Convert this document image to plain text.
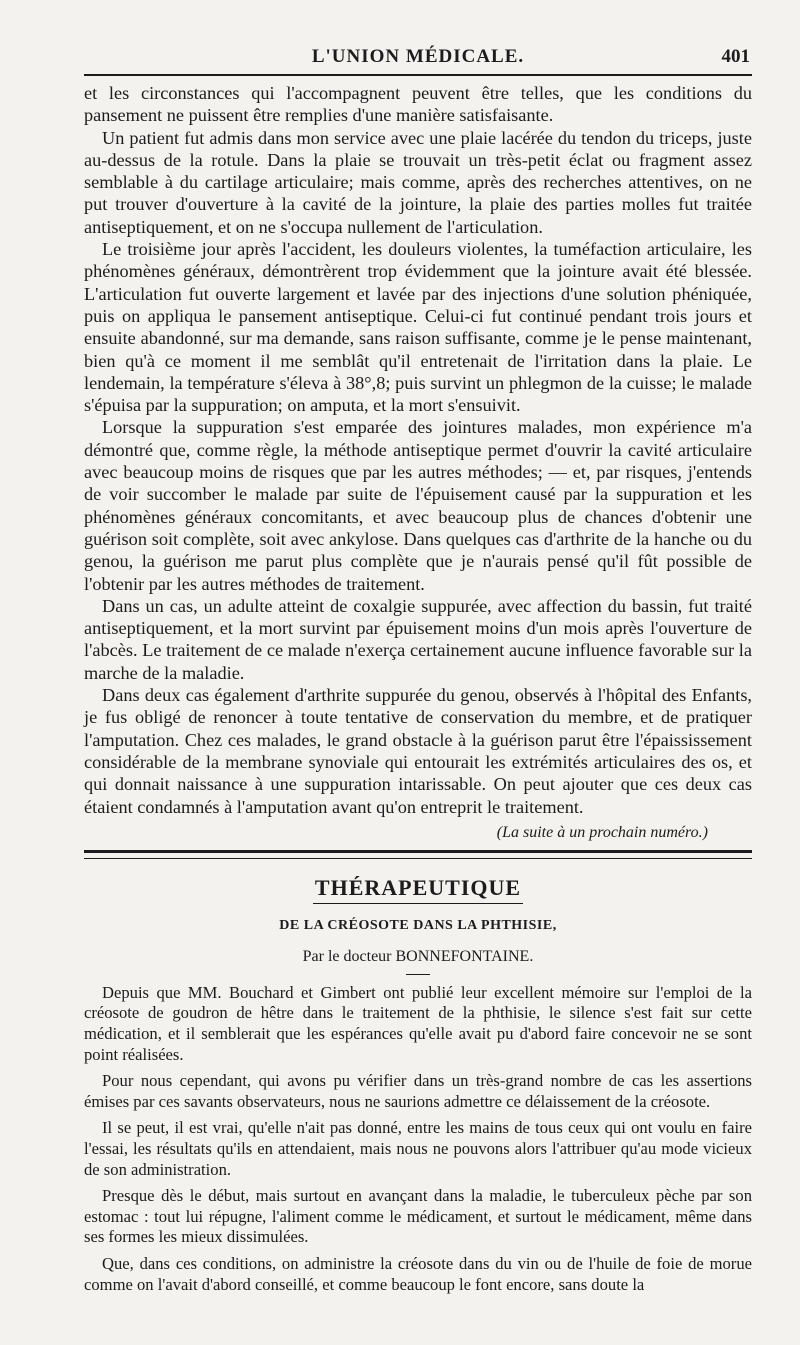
L'UNION MÉDICALE.	401

et les circonstances qui l'accompagnent peuvent être telles, que les conditions du pansement ne puissent être remplies d'une manière satisfaisante.

Un patient fut admis dans mon service avec une plaie lacérée du tendon du triceps, juste au-dessus de la rotule. Dans la plaie se trouvait un très-petit éclat ou fragment assez semblable à du cartilage articulaire; mais comme, après des recherches attentives, on ne put trouver d'ouverture à la cavité de la jointure, la plaie des parties molles fut traitée antiseptiquement, et on ne s'occupa nullement de l'articulation.

Le troisième jour après l'accident, les douleurs violentes, la tuméfaction articulaire, les phénomènes généraux, démontrèrent trop évidemment que la jointure avait été blessée. L'articulation fut ouverte largement et lavée par des injections d'une solution phéniquée, puis on appliqua le pansement antiseptique. Celui-ci fut continué pendant trois jours et ensuite abandonné, sur ma demande, sans raison suffisante, comme je le pense maintenant, bien qu'à ce moment il me semblât qu'il entretenait de l'irritation dans la plaie. Le lendemain, la température s'éleva à 38°,8; puis survint un phlegmon de la cuisse; le malade s'épuisa par la suppuration; on amputa, et la mort s'ensuivit.

Lorsque la suppuration s'est emparée des jointures malades, mon expérience m'a démontré que, comme règle, la méthode antiseptique permet d'ouvrir la cavité articulaire avec beaucoup moins de risques que par les autres méthodes; — et, par risques, j'entends de voir succomber le malade par suite de l'épuisement causé par la suppuration et les phénomènes généraux concomitants, et avec beaucoup plus de chances d'obtenir une guérison soit complète, soit avec ankylose. Dans quelques cas d'arthrite de la hanche ou du genou, la guérison me parut plus complète que je n'aurais pensé qu'il fût possible de l'obtenir par les autres méthodes de traitement.

Dans un cas, un adulte atteint de coxalgie suppurée, avec affection du bassin, fut traité antiseptiquement, et la mort survint par épuisement moins d'un mois après l'ouverture de l'abcès. Le traitement de ce malade n'exerça certainement aucune influence favorable sur la marche de la maladie.

Dans deux cas également d'arthrite suppurée du genou, observés à l'hôpital des Enfants, je fus obligé de renoncer à toute tentative de conservation du membre, et de pratiquer l'amputation. Chez ces malades, le grand obstacle à la guérison parut être l'épaississement considérable de la membrane synoviale qui entourait les extrémités articulaires des os, et qui donnait naissance à une suppuration intarissable. On peut ajouter que ces deux cas étaient condamnés à l'amputation avant qu'on entreprit le traitement.

(La suite à un prochain numéro.)
THÉRAPEUTIQUE
DE LA CRÉOSOTE DANS LA PHTHISIE,
Par le docteur BONNEFONTAINE.

Depuis que MM. Bouchard et Gimbert ont publié leur excellent mémoire sur l'emploi de la créosote de goudron de hêtre dans le traitement de la phthisie, le silence s'est fait sur cette médication, et il semblerait que les espérances qu'elle avait pu d'abord faire concevoir ne se sont point réalisées.

Pour nous cependant, qui avons pu vérifier dans un très-grand nombre de cas les assertions émises par ces savants observateurs, nous ne saurions admettre ce délaissement de la créosote.

Il se peut, il est vrai, qu'elle n'ait pas donné, entre les mains de tous ceux qui ont voulu en faire l'essai, les résultats qu'ils en attendaient, mais nous ne pouvons alors l'attribuer qu'au mode vicieux de son administration.

Presque dès le début, mais surtout en avançant dans la maladie, le tuberculeux pèche par son estomac : tout lui répugne, l'aliment comme le médicament, et surtout le médicament, même dans ses formes les mieux dissimulées.

Que, dans ces conditions, on administre la créosote dans du vin ou de l'huile de foie de morue comme on l'avait d'abord conseillé, et comme beaucoup le font encore, sans doute la
